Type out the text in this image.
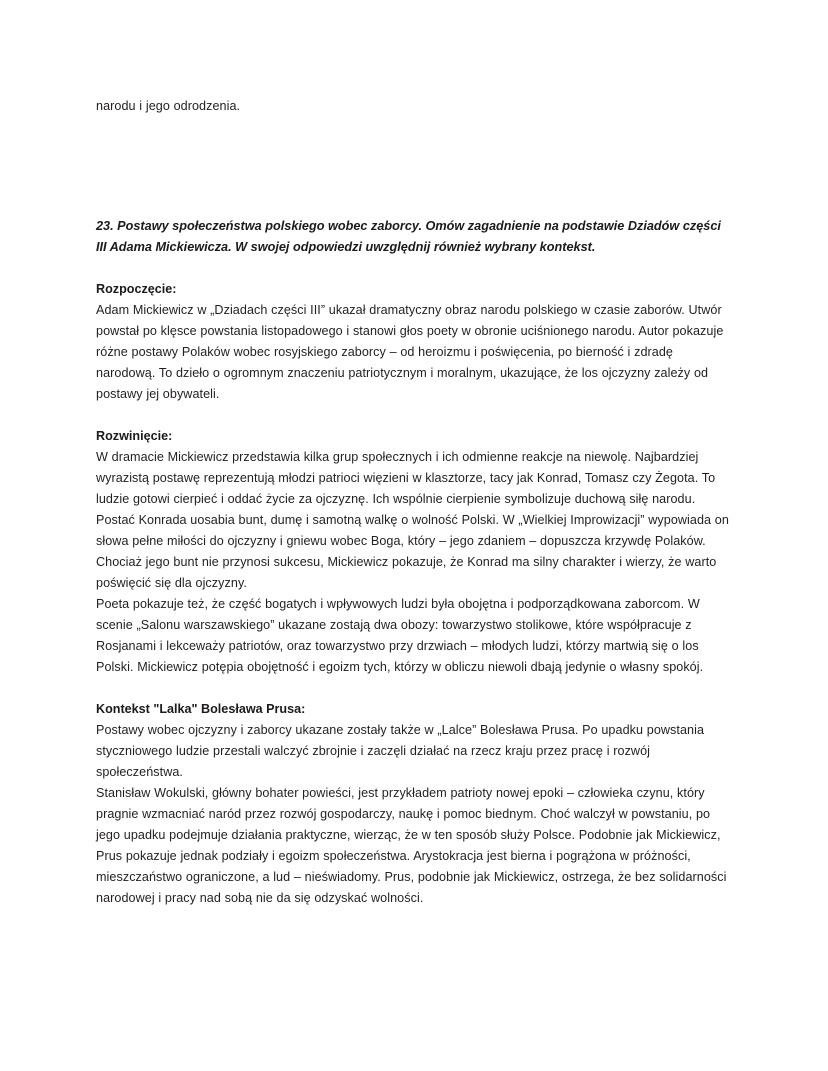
narodu i jego odrodzenia.

23. Postawy społeczeństwa polskiego wobec zaborcy. Omów zagadnienie na podstawie Dziadów części III Adama Mickiewicza. W swojej odpowiedzi uwzględnij również wybrany kontekst.

Rozpoczęcie:

Adam Mickiewicz w „Dziadach części III” ukazał dramatyczny obraz narodu polskiego w czasie zaborów. Utwór powstał po klęsce powstania listopadowego i stanowi głos poety w obronie uciśnionego narodu. Autor pokazuje różne postawy Polaków wobec rosyjskiego zaborcy – od heroizmu i poświęcenia, po bierność i zdradę narodową. To dzieło o ogromnym znaczeniu patriotycznym i moralnym, ukazujące, że los ojczyzny zależy od postawy jej obywateli.

Rozwinięcie:

W dramacie Mickiewicz przedstawia kilka grup społecznych i ich odmienne reakcje na niewolę. Najbardziej wyrazistą postawę reprezentują młodzi patrioci więzieni w klasztorze, tacy jak Konrad, Tomasz czy Żegota. To ludzie gotowi cierpieć i oddać życie za ojczyznę. Ich wspólnie cierpienie symbolizuje duchową siłę narodu.

Postać Konrada uosabia bunt, dumę i samotną walkę o wolność Polski. W „Wielkiej Improwizacji” wypowiada on słowa pełne miłości do ojczyzny i gniewu wobec Boga, który – jego zdaniem – dopuszcza krzywdę Polaków. Chociaż jego bunt nie przynosi sukcesu, Mickiewicz pokazuje, że Konrad ma silny charakter i wierzy, że warto poświęcić się dla ojczyzny.

Poeta pokazuje też, że część bogatych i wpływowych ludzi była obojętna i podporządkowana zaborcom. W scenie „Salonu warszawskiego” ukazane zostają dwa obozy: towarzystwo stolikowe, które współpracuje z Rosjanami i lekceważy patriotów, oraz towarzystwo przy drzwiach – młodych ludzi, którzy martwią się o los Polski. Mickiewicz potępia obojętność i egoizm tych, którzy w obliczu niewoli dbają jedynie o własny spokój.

Kontekst "Lalka" Bolesława Prusa:

Postawy wobec ojczyzny i zaborcy ukazane zostały także w „Lalce” Bolesława Prusa. Po upadku powstania styczniowego ludzie przestali walczyć zbrojnie i zaczęli działać na rzecz kraju przez pracę i rozwój społeczeństwa.

Stanisław Wokulski, główny bohater powieści, jest przykładem patrioty nowej epoki – człowieka czynu, który pragnie wzmacniać naród przez rozwój gospodarczy, naukę i pomoc biednym. Choć walczył w powstaniu, po jego upadku podejmuje działania praktyczne, wierząc, że w ten sposób służy Polsce. Podobnie jak Mickiewicz, Prus pokazuje jednak podziały i egoizm społeczeństwa. Arystokracja jest bierna i pogrążona w próżności, mieszczaństwo ograniczone, a lud – nieświadomy. Prus, podobnie jak Mickiewicz, ostrzega, że bez solidarności narodowej i pracy nad sobą nie da się odzyskać wolności.
